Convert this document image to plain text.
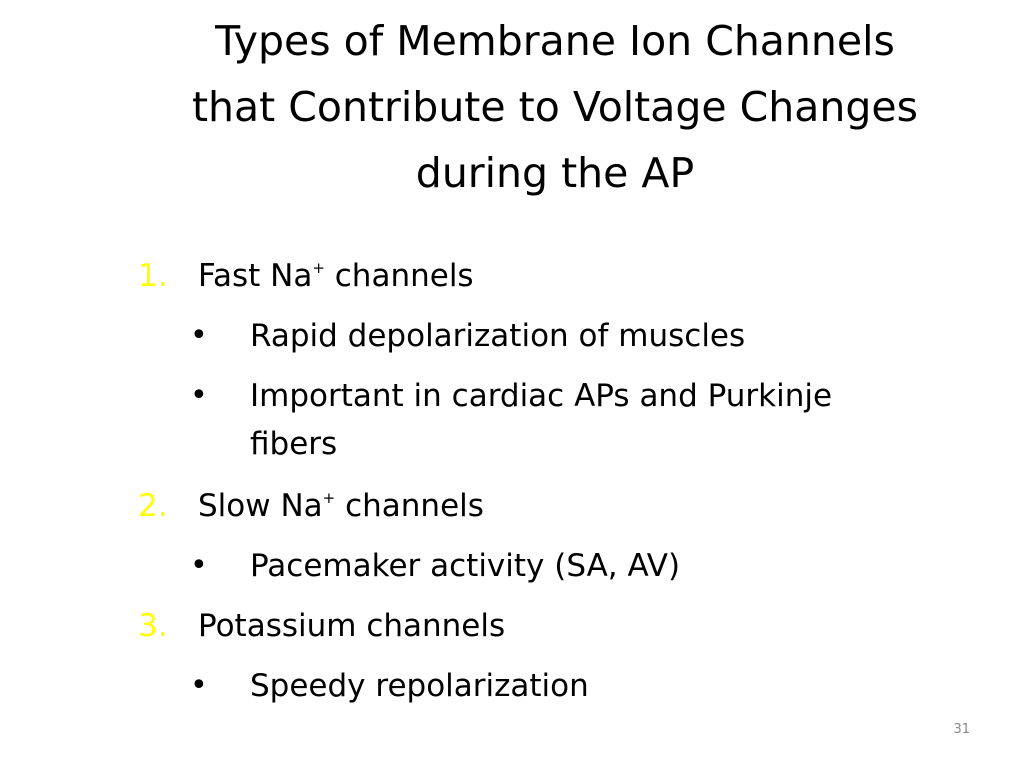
Types of Membrane Ion Channels
that Contribute to Voltage Changes
during the AP
1. Fast Na+ channels
• Rapid depolarization of muscles
• Important in cardiac APs and Purkinje
fibers
2. Slow Na+ channels
• Pacemaker activity (SA, AV)
3. Potassium channels
• Speedy repolarization
31
